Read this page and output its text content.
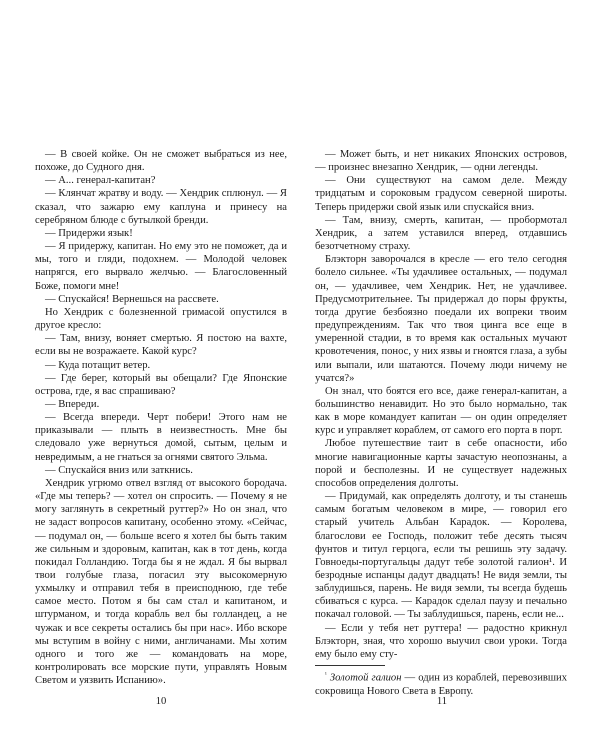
— В своей койке. Он не сможет выбраться из нее, похоже, до Судного дня.

— А... генерал-капитан?

— Клянчат жратву и воду. — Хендрик сплюнул. — Я сказал, что зажарю ему каплуна и принесу на серебряном блюде с бутылкой бренди.

— Придержи язык!

— Я придержу, капитан. Но ему это не поможет, да и мы, того и гляди, подохнем. — Молодой человек напрягся, его вырвало желчью. — Благословенный Боже, помоги мне!

— Спускайся! Вернешься на рассвете.

Но Хендрик с болезненной гримасой опустился в другое кресло:

— Там, внизу, воняет смертью. Я постою на вахте, если вы не возражаете. Какой курс?

— Куда потащит ветер.

— Где берег, который вы обещали? Где Японские острова, где, я вас спрашиваю?

— Впереди.

— Всегда впереди. Черт побери! Этого нам не приказывали — плыть в неизвестность. Мне бы следовало уже вернуться домой, сытым, целым и невредимым, а не гнаться за огнями святого Эльма.

— Спускайся вниз или заткнись.

Хендрик угрюмо отвел взгляд от высокого бородача. «Где мы теперь? — хотел он спросить. — Почему я не могу заглянуть в секретный руттер?» Но он знал, что не задаст вопросов капитану, особенно этому. «Сейчас, — подумал он, — больше всего я хотел бы быть таким же сильным и здоровым, капитан, как в тот день, когда покидал Голландию. Тогда бы я не ждал. Я бы вырвал твои голубые глаза, погасил эту высокомерную ухмылку и отправил тебя в преисподнюю, где тебе самое место. Потом я бы сам стал и капитаном, и штурманом, и тогда корабль вел бы голландец, а не чужак и все секреты остались бы при нас». Ибо вскоре мы вступим в войну с ними, англичанами. Мы хотим одного и того же — командовать на море, контролировать все морские пути, управлять Новым Светом и уязвить Испанию».

10

— Может быть, и нет никаких Японских островов, — произнес внезапно Хендрик, — одни легенды.

— Они существуют на самом деле. Между тридцатым и сороковым градусом северной широты. Теперь придержи свой язык или спускайся вниз.

— Там, внизу, смерть, капитан, — пробормотал Хендрик, а затем уставился вперед, отдавшись безотчетному страху.

Блэкторн заворочался в кресле — его тело сегодня болело сильнее. «Ты удачливее остальных, — подумал он, — удачливее, чем Хендрик. Нет, не удачливее. Предусмотрительнее. Ты придержал до поры фрукты, тогда другие безбоязно поедали их вопреки твоим предупреждениям. Так что твоя цинга все еще в умеренной стадии, в то время как остальных мучают кровотечения, понос, у них язвы и гноятся глаза, а зубы или выпали, или шатаются. Почему люди ничему не учатся?»

Он знал, что боятся его все, даже генерал-капитан, а большинство ненавидит. Но это было нормально, так как в море командует капитан — он один определяет курс и управляет кораблем, от самого его порта в порт.

Любое путешествие таит в себе опасности, ибо многие навигационные карты зачастую неопознаны, а порой и бесполезны. И не существует надежных способов определения долготы.

— Придумай, как определять долготу, и ты станешь самым богатым человеком в мире, — говорил его старый учитель Альбан Карадок. — Королева, благослови ее Господь, положит тебе десять тысяч фунтов и титул герцога, если ты решишь эту задачу. Говноеды-португальцы дадут тебе золотой галион¹. И безродные испанцы дадут двадцать! Не видя земли, ты заблудишься, парень. Не видя земли, ты всегда будешь сбиваться с курса. — Карадок сделал паузу и печально покачал головой. — Ты заблудишься, парень, если не...

— Если у тебя нет руттера! — радостно крикнул Блэкторн, зная, что хорошо выучил свои уроки. Тогда ему было ему сту-

$^{^1}$ Золотой галион — один из кораблей, перевозивших сокровища Нового Света в Европу.

11
